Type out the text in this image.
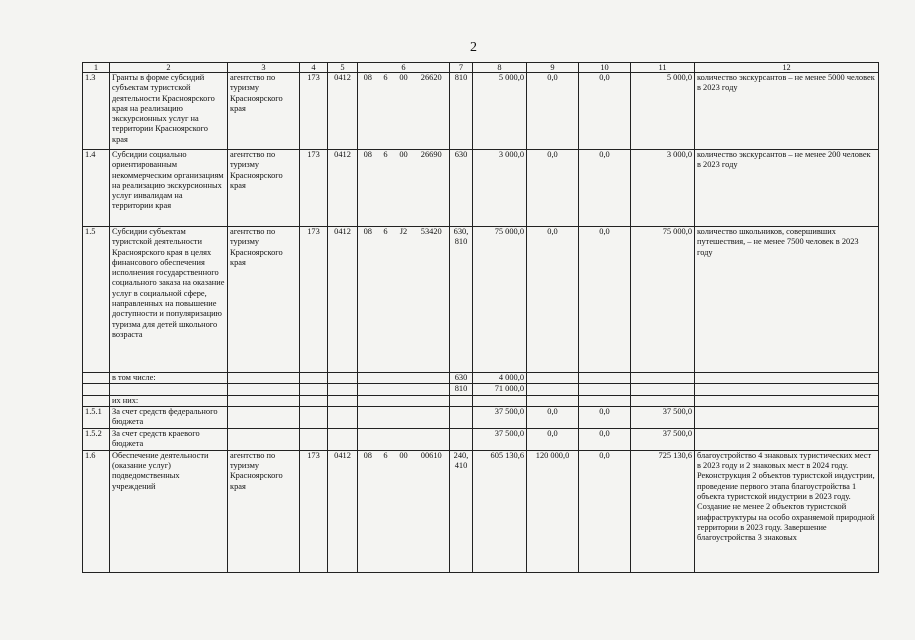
2
1	2	3	4	5	6				7	8	9	10	11	12
1.3	Гранты в форме субсидий субъектам туристской деятельности Красноярского края на реализацию экскурсионных услуг на территории Красноярского края	агентство по туризму Красноярского края	173	0412	08	6	00	26620	810	5 000,0	0,0	0,0	5 000,0	количество экскурсантов – не менее 5000 человек в 2023 году
1.4	Субсидии социально ориентированным некоммерческим организациям на реализацию экскурсионных услуг инвалидам на территории края	агентство по туризму Красноярского края	173	0412	08	6	00	26690	630	3 000,0	0,0	0,0	3 000,0	количество экскурсантов – не менее 200 человек в 2023 году
1.5	Субсидии субъектам туристской деятельности Красноярского края в целях финансового обеспечения исполнения государственного социального заказа на оказание услуг в социальной сфере, направленных на повышение доступности и популяризацию туризма для детей школьного возраста	агентство по туризму Красноярского края	173	0412	08	6	J2	53420	630, 810	75 000,0	0,0	0,0	75 000,0	количество школьников, совершивших путешествия, – не менее 7500 человек в 2023 году
	в том числе:								630	4 000,0				
									810	71 000,0				
	их них:													
1.5.1	За счет средств федерального бюджета									37 500,0	0,0	0,0	37 500,0	
1.5.2	За счет средств краевого бюджета									37 500,0	0,0	0,0	37 500,0	
1.6	Обеспечение деятельности (оказание услуг) подведомственных учреждений	агентство по туризму Красноярского края	173	0412	08	6	00	00610	240, 410	605 130,6	120 000,0	0,0	725 130,6	благоустройство 4 знаковых туристических мест в 2023 году и 2 знаковых мест в 2024 году. Реконструкция 2 объектов туристской индустрии, проведение первого этапа благоустройства 1 объекта туристской индустрии в 2023 году. Создание не менее 2 объектов туристской инфраструктуры на особо охраняемой природной территории в 2023 году. Завершение благоустройства 3 знаковых
